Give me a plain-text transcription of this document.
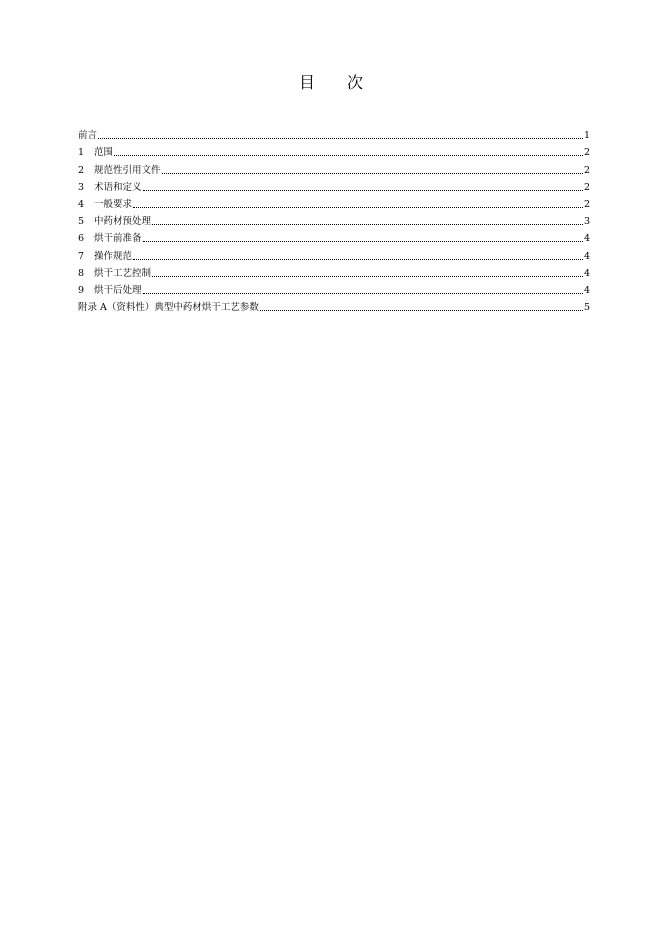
目　　次
前言	1
1 范围	2
2 规范性引用文件	2
3 术语和定义	2
4 一般要求	2
5 中药材预处理	3
6 烘干前准备	4
7 操作规范	4
8 烘干工艺控制	4
9 烘干后处理	4
附录 A（资料性）典型中药材烘干工艺参数	5
